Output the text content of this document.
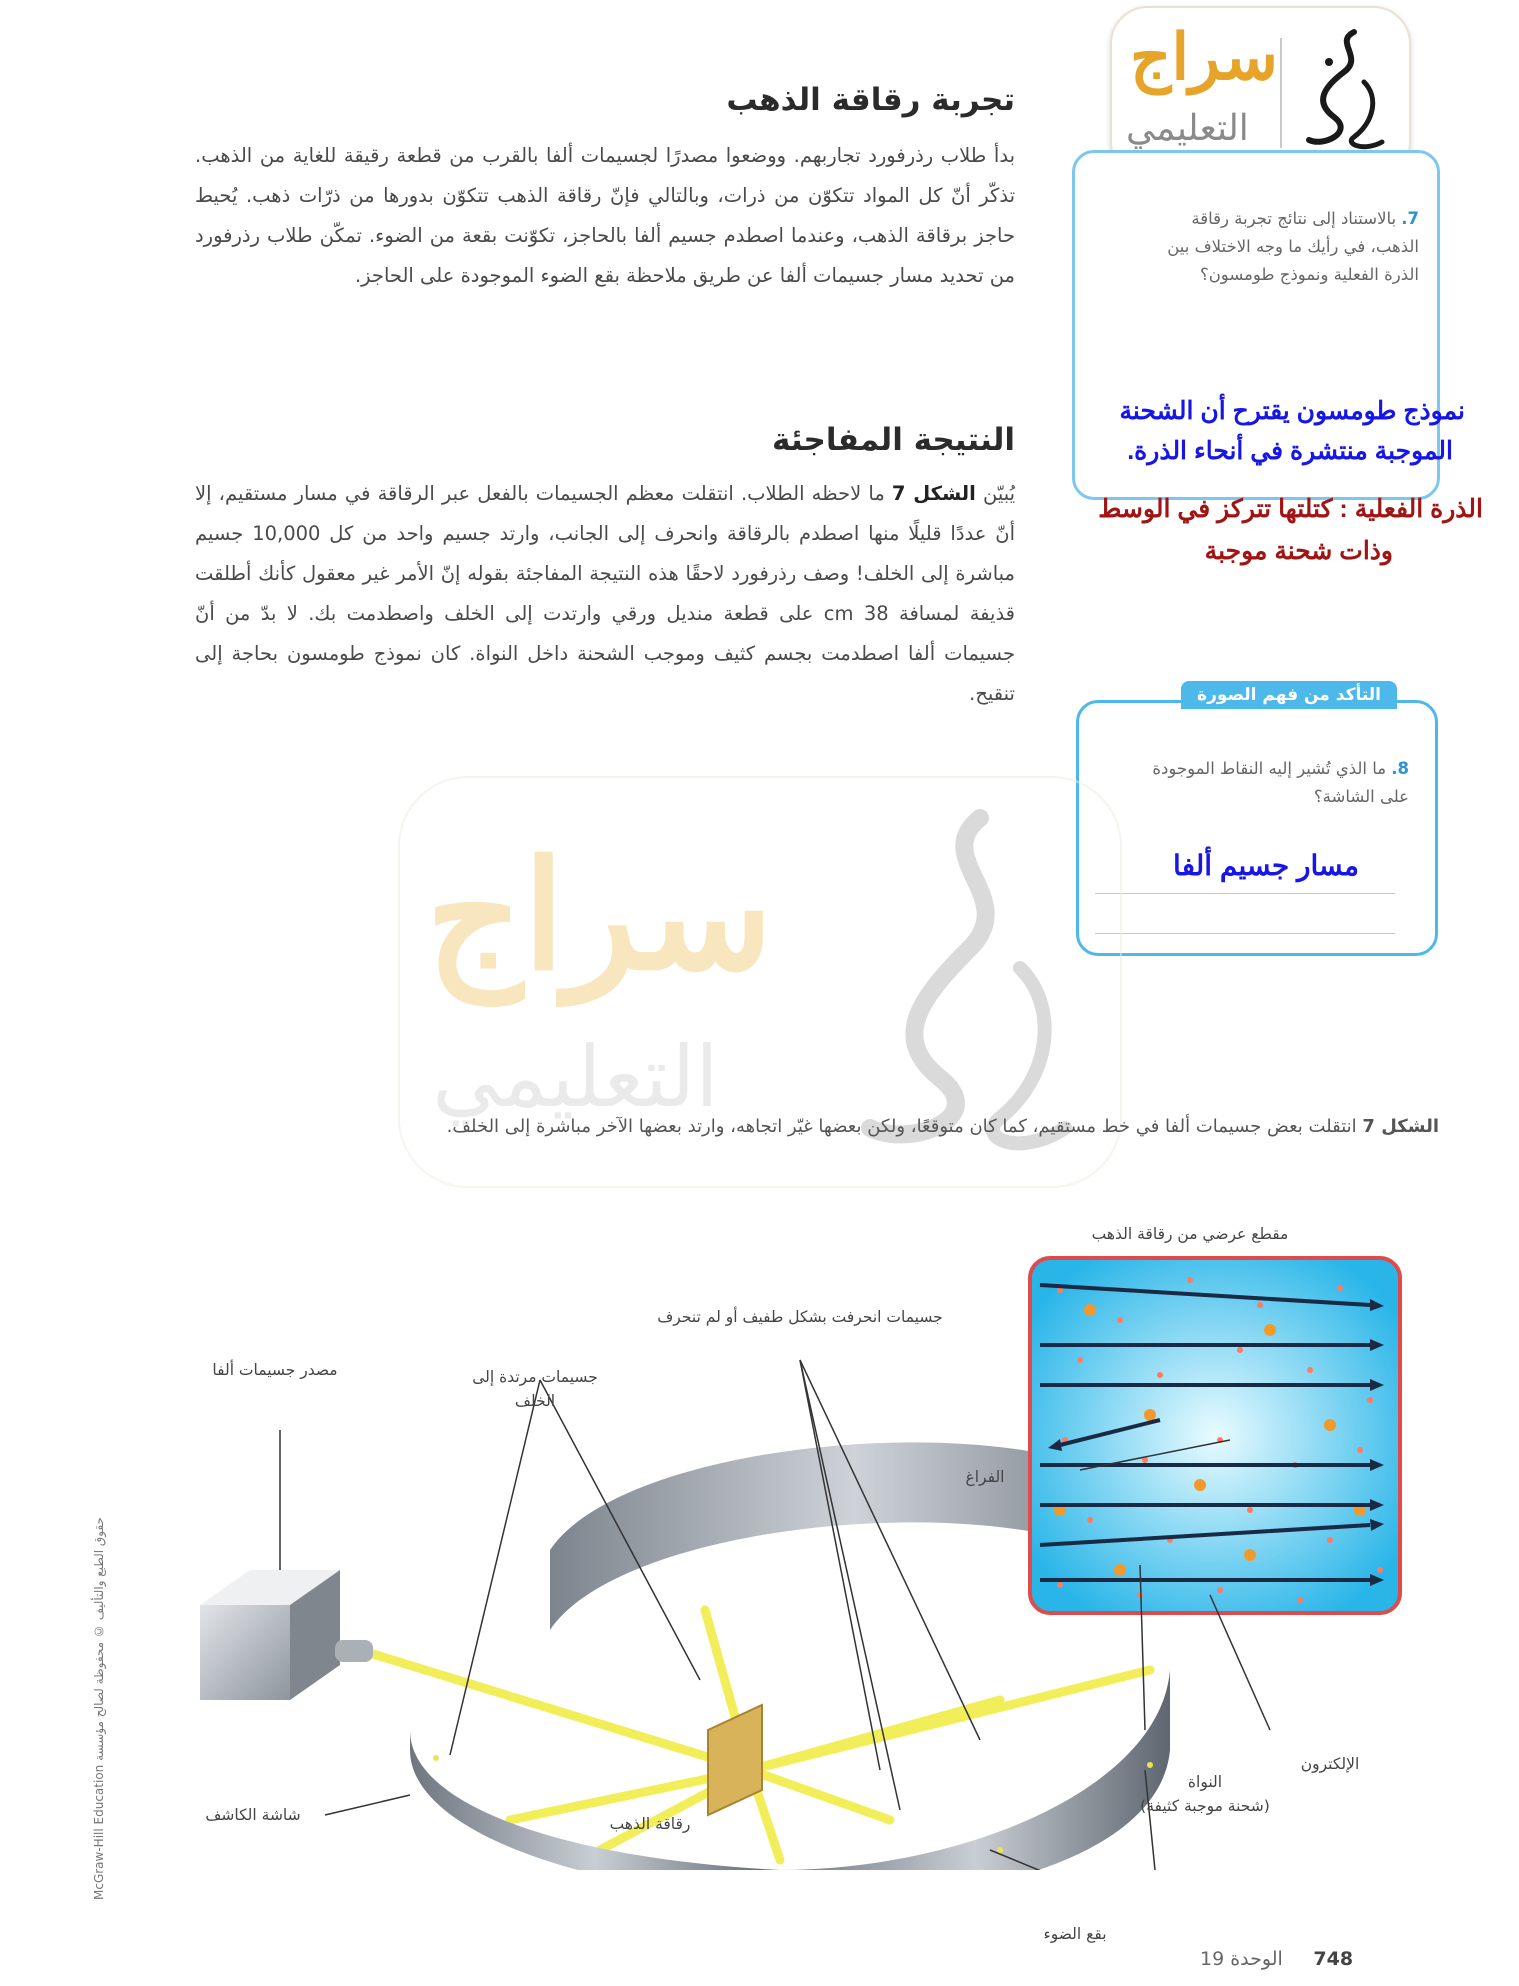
سراج
التعليمي
تجربة رقاقة الذهب
بدأ طلاب رذرفورد تجاربهم. ووضعوا مصدرًا لجسيمات ألفا بالقرب من قطعة رقيقة للغاية من الذهب. تذكّر أنّ كل المواد تتكوّن من ذرات، وبالتالي فإنّ رقاقة الذهب تتكوّن بدورها من ذرّات ذهب. يُحيط حاجز برقاقة الذهب، وعندما اصطدم جسيم ألفا بالحاجز، تكوّنت بقعة من الضوء. تمكّن طلاب رذرفورد من تحديد مسار جسيمات ألفا عن طريق ملاحظة بقع الضوء الموجودة على الحاجز.
النتيجة المفاجئة
يُبيّن الشكل 7 ما لاحظه الطلاب. انتقلت معظم الجسيمات بالفعل عبر الرقاقة في مسار مستقيم، إلا أنّ عددًا قليلًا منها اصطدم بالرقاقة وانحرف إلى الجانب، وارتد جسيم واحد من كل 10,000 جسيم مباشرة إلى الخلف! وصف رذرفورد لاحقًا هذه النتيجة المفاجئة بقوله إنّ الأمر غير معقول كأنك أطلقت قذيفة لمسافة 38 cm على قطعة منديل ورقي وارتدت إلى الخلف واصطدمت بك. لا بدّ من أنّ جسيمات ألفا اصطدمت بجسم كثيف وموجب الشحنة داخل النواة. كان نموذج طومسون بحاجة إلى تنقيح.
7. بالاستناد إلى نتائج تجربة رقاقة الذهب، في رأيك ما وجه الاختلاف بين الذرة الفعلية ونموذج طومسون؟
نموذج طومسون يقترح أن الشحنة
الموجبة منتشرة في أنحاء الذرة.
الذرة الفعلية : كتلتها تتركز في الوسط
وذات شحنة موجبة
التأكد من فهم الصورة
8. ما الذي تُشير إليه النقاط الموجودة على الشاشة؟
مسار جسيم ألفا
سراج
التعليمي
الشكل 7 انتقلت بعض جسيمات ألفا في خط مستقيم، كما كان متوقعًا، ولكن بعضها غيّر اتجاهه، وارتد بعضها الآخر مباشرة إلى الخلف.
McGraw-Hill Education حقوق الطبع والتأليف © محفوظة لصالح مؤسسة
مقطع عرضي من رقاقة الذهب
جسيمات انحرفت بشكل طفيف أو لم تنحرف
جسيمات مرتدة إلى الخلف
مصدر جسيمات ألفا
الفراغ
شاشة الكاشف	رقاقة الذهب
الإلكترون
النواة
(شحنة موجبة كثيفة)
بقع الضوء
748 الوحدة 19
